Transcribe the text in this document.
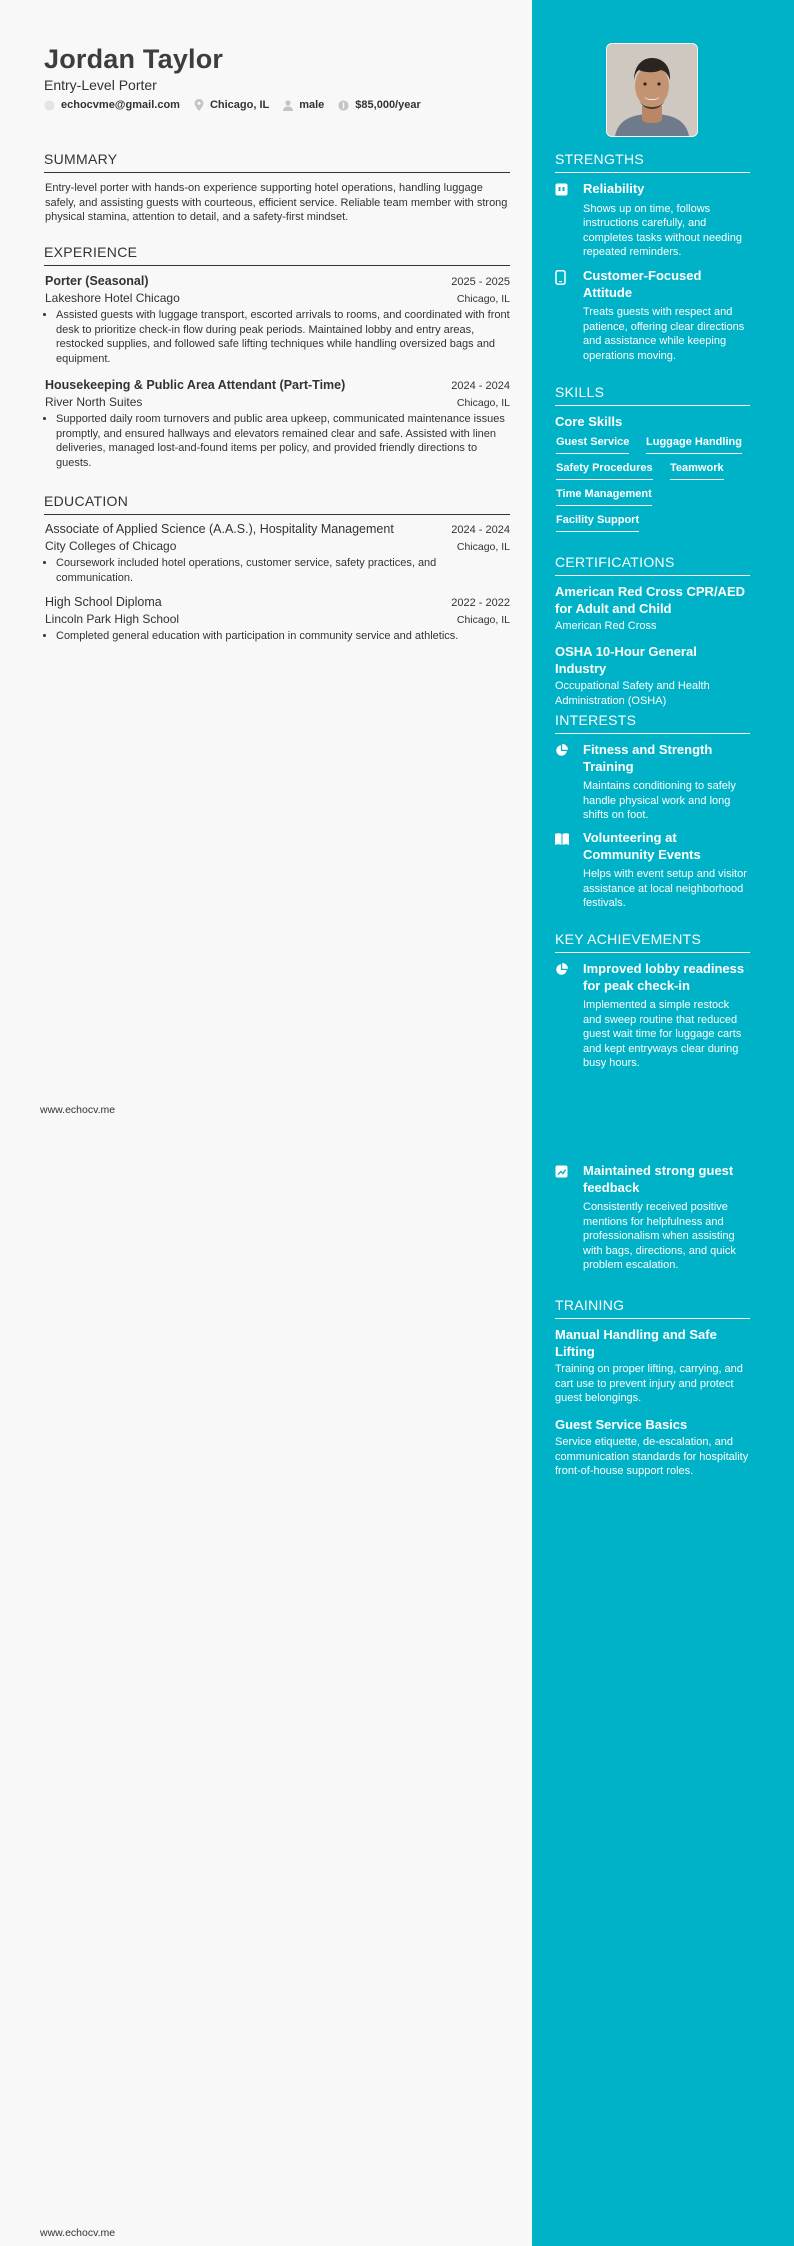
Jordan Taylor
Entry-Level Porter
echocvme@gmail.com	Chicago, IL	male	$85,000/year
SUMMARY
Entry-level porter with hands-on experience supporting hotel operations, handling luggage safely, and assisting guests with courteous, efficient service. Reliable team member with strong physical stamina, attention to detail, and a safety-first mindset.
EXPERIENCE
Porter (Seasonal)	2025 - 2025
Lakeshore Hotel Chicago	Chicago, IL
• Assisted guests with luggage transport, escorted arrivals to rooms, and coordinated with front desk to prioritize check-in flow during peak periods. Maintained lobby and entry areas, restocked supplies, and followed safe lifting techniques while handling oversized bags and equipment.
Housekeeping & Public Area Attendant (Part-Time)	2024 - 2024
River North Suites	Chicago, IL
• Supported daily room turnovers and public area upkeep, communicated maintenance issues promptly, and ensured hallways and elevators remained clear and safe. Assisted with linen deliveries, managed lost-and-found items per policy, and provided friendly directions to guests.
EDUCATION
Associate of Applied Science (A.A.S.), Hospitality Management	2024 - 2024
City Colleges of Chicago	Chicago, IL
• Coursework included hotel operations, customer service, safety practices, and communication.
High School Diploma	2022 - 2022
Lincoln Park High School	Chicago, IL
• Completed general education with participation in community service and athletics.
www.echocv.me
www.echocv.me
STRENGTHS
Reliability
Shows up on time, follows instructions carefully, and completes tasks without needing repeated reminders.
Customer-Focused Attitude
Treats guests with respect and patience, offering clear directions and assistance while keeping operations moving.
SKILLS
Core Skills
Guest Service Luggage Handling
Safety Procedures Teamwork
Time Management
Facility Support
CERTIFICATIONS
American Red Cross CPR/AED for Adult and Child
American Red Cross
OSHA 10-Hour General Industry
Occupational Safety and Health Administration (OSHA)
INTERESTS
Fitness and Strength Training
Maintains conditioning to safely handle physical work and long shifts on foot.
Volunteering at Community Events
Helps with event setup and visitor assistance at local neighborhood festivals.
KEY ACHIEVEMENTS
Improved lobby readiness for peak check-in
Implemented a simple restock and sweep routine that reduced guest wait time for luggage carts and kept entryways clear during busy hours.
Maintained strong guest feedback
Consistently received positive mentions for helpfulness and professionalism when assisting with bags, directions, and quick problem escalation.
TRAINING
Manual Handling and Safe Lifting
Training on proper lifting, carrying, and cart use to prevent injury and protect guest belongings.
Guest Service Basics
Service etiquette, de-escalation, and communication standards for hospitality front-of-house support roles.
